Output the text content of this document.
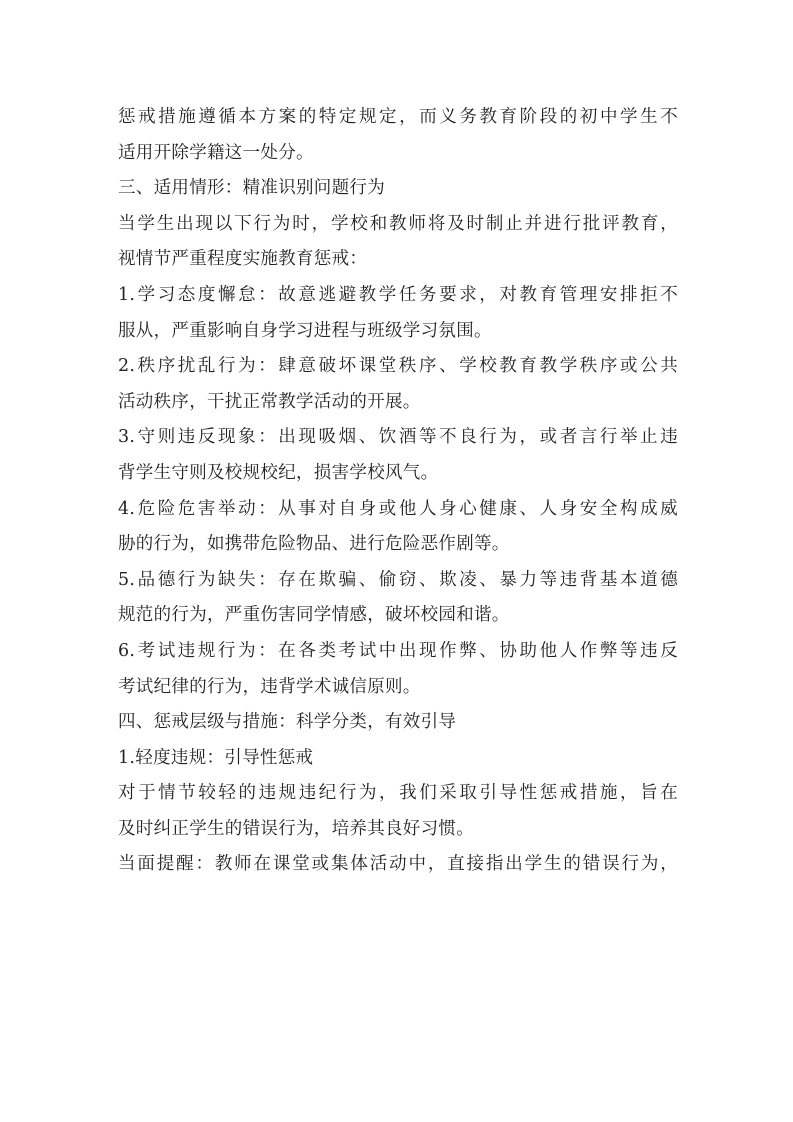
惩戒措施遵循本方案的特定规定，而义务教育阶段的初中学生不
适用开除学籍这一处分。
三、适用情形：精准识别问题行为
当学生出现以下行为时，学校和教师将及时制止并进行批评教育，
视情节严重程度实施教育惩戒：
1.学习态度懈怠：故意逃避教学任务要求，对教育管理安排拒不
服从，严重影响自身学习进程与班级学习氛围。
2.秩序扰乱行为：肆意破坏课堂秩序、学校教育教学秩序或公共
活动秩序，干扰正常教学活动的开展。
3.守则违反现象：出现吸烟、饮酒等不良行为，或者言行举止违
背学生守则及校规校纪，损害学校风气。
4.危险危害举动：从事对自身或他人身心健康、人身安全构成威
胁的行为，如携带危险物品、进行危险恶作剧等。
5.品德行为缺失：存在欺骗、偷窃、欺凌、暴力等违背基本道德
规范的行为，严重伤害同学情感，破坏校园和谐。
6.考试违规行为：在各类考试中出现作弊、协助他人作弊等违反
考试纪律的行为，违背学术诚信原则。
四、惩戒层级与措施：科学分类，有效引导
1.轻度违规：引导性惩戒
对于情节较轻的违规违纪行为，我们采取引导性惩戒措施，旨在
及时纠正学生的错误行为，培养其良好习惯。
当面提醒：教师在课堂或集体活动中，直接指出学生的错误行为，
